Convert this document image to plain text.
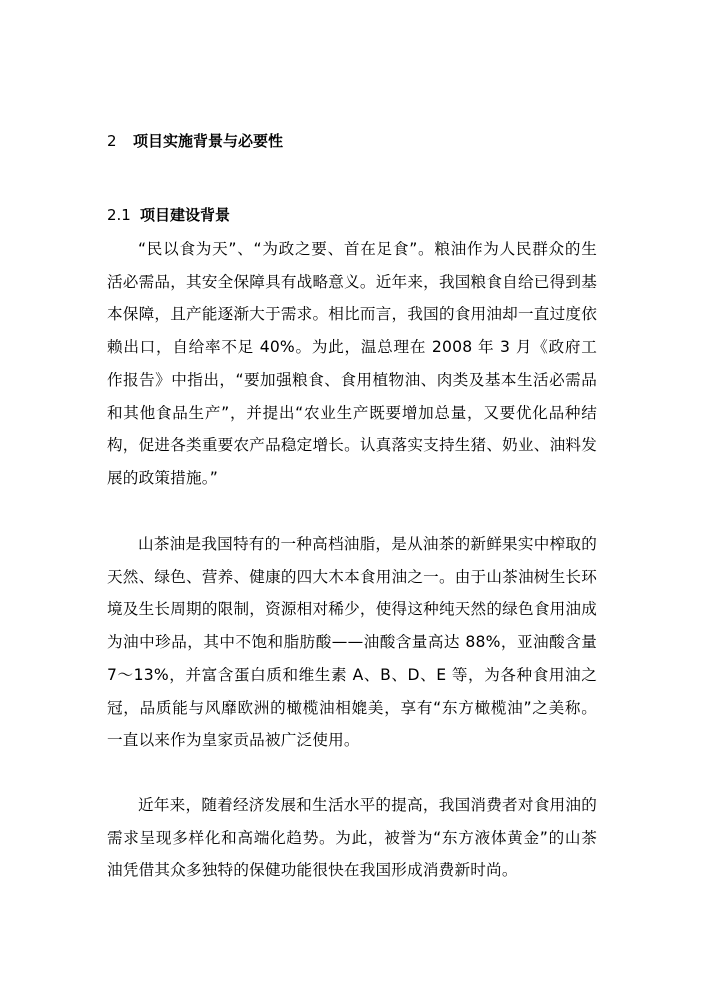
2 项目实施背景与必要性
2.1 项目建设背景

“民以食为天”、“为政之要、首在足食”。粮油作为人民群众的生活必需品，其安全保障具有战略意义。近年来，我国粮食自给已得到基本保障，且产能逐渐大于需求。相比而言，我国的食用油却一直过度依赖出口，自给率不足 40%。为此，温总理在 2008 年 3 月《政府工作报告》中指出，“要加强粮食、食用植物油、肉类及基本生活必需品和其他食品生产”，并提出“农业生产既要增加总量，又要优化品种结构，促进各类重要农产品稳定增长。认真落实支持生猪、奶业、油料发展的政策措施。”

山茶油是我国特有的一种高档油脂，是从油茶的新鲜果实中榨取的天然、绿色、营养、健康的四大木本食用油之一。由于山茶油树生长环境及生长周期的限制，资源相对稀少，使得这种纯天然的绿色食用油成为油中珍品，其中不饱和脂肪酸——油酸含量高达 88%，亚油酸含量 7～13%，并富含蛋白质和维生素 A、B、D、E 等，为各种食用油之冠，品质能与风靡欧洲的橄榄油相媲美，享有“东方橄榄油”之美称。一直以来作为皇家贡品被广泛使用。

近年来，随着经济发展和生活水平的提高，我国消费者对食用油的需求呈现多样化和高端化趋势。为此，被誉为“东方液体黄金”的山茶油凭借其众多独特的保健功能很快在我国形成消费新时尚。
